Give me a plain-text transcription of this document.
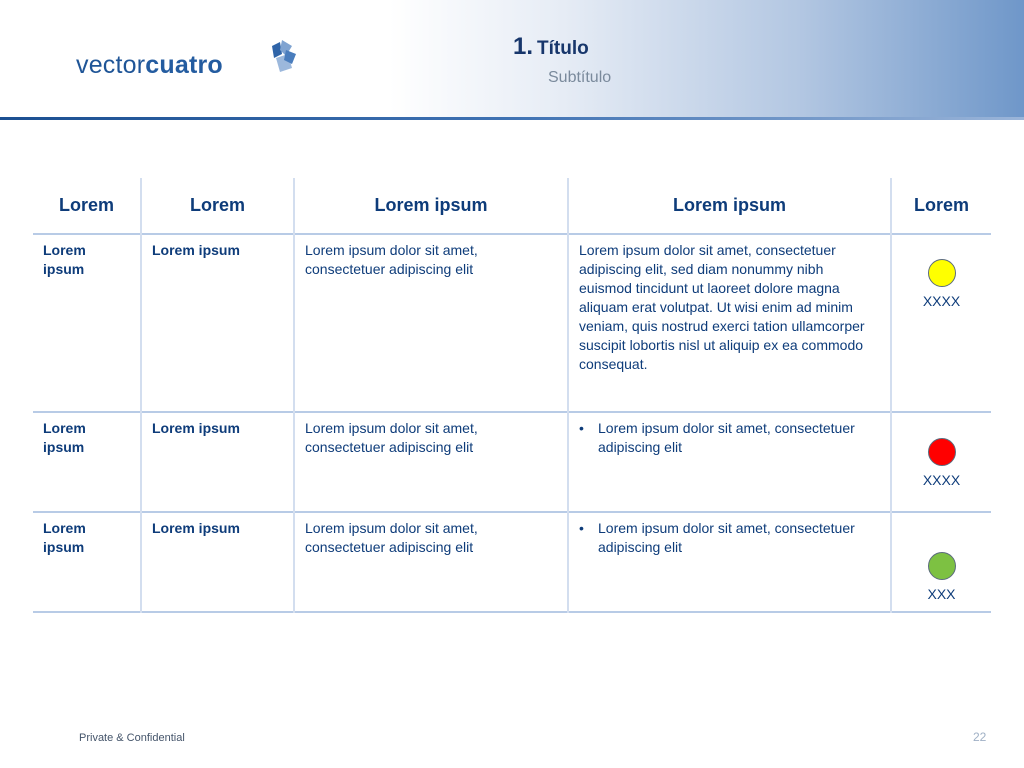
vectorcuatro
1. Título
Subtítulo
Lorem	Lorem	Lorem ipsum	Lorem ipsum	Lorem
Lorem ipsum	Lorem ipsum	Lorem ipsum dolor sit amet, consectetuer adipiscing elit	Lorem ipsum dolor sit amet, consectetuer adipiscing elit, sed diam nonummy nibh euismod tincidunt ut laoreet dolore magna aliquam erat volutpat. Ut wisi enim ad minim veniam, quis nostrud exerci tation ullamcorper suscipit lobortis nisl ut aliquip ex ea commodo consequat.	XXXX

Lorem ipsum	Lorem ipsum	Lorem ipsum dolor sit amet, consectetuer adipiscing elit	• Lorem ipsum dolor sit amet, consectetuer adipiscing elit	XXXX

Lorem ipsum	Lorem ipsum	Lorem ipsum dolor sit amet, consectetuer adipiscing elit	• Lorem ipsum dolor sit amet, consectetuer adipiscing elit	XXX
Private & Confidential	22
